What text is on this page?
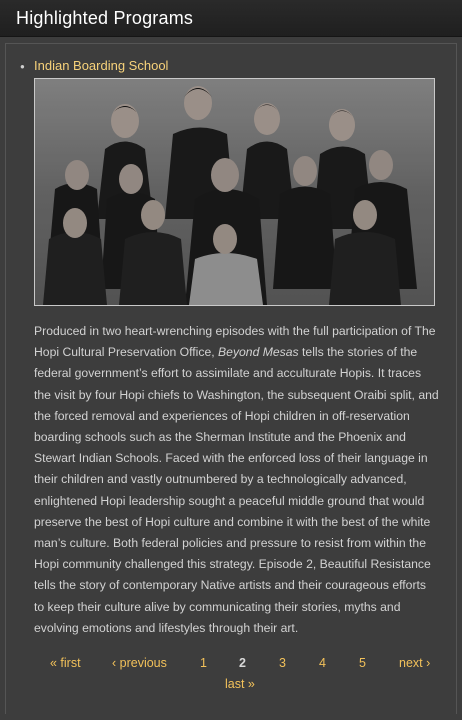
Highlighted Programs
● Indian Boarding School
Produced in two heart-wrenching episodes with the full participation of The Hopi Cultural Preservation Office, Beyond Mesas tells the stories of the federal government’s effort to assimilate and acculturate Hopis. It traces the visit by four Hopi chiefs to Washington, the subsequent Oraibi split, and the forced removal and experiences of Hopi children in off-reservation boarding schools such as the Sherman Institute and the Phoenix and Stewart Indian Schools. Faced with the enforced loss of their language in their children and vastly outnumbered by a technologically advanced, enlightened Hopi leadership sought a peaceful middle ground that would preserve the best of Hopi culture and combine it with the best of the white man’s culture. Both federal policies and pressure to resist from within the Hopi community challenged this strategy. Episode 2, Beautiful Resistance tells the story of contemporary Native artists and their courageous efforts to keep their culture alive by communicating their stories, myths and evolving emotions and lifestyles through their art.
« first	‹ previous	1	2	3	4	5	next ›
last »
